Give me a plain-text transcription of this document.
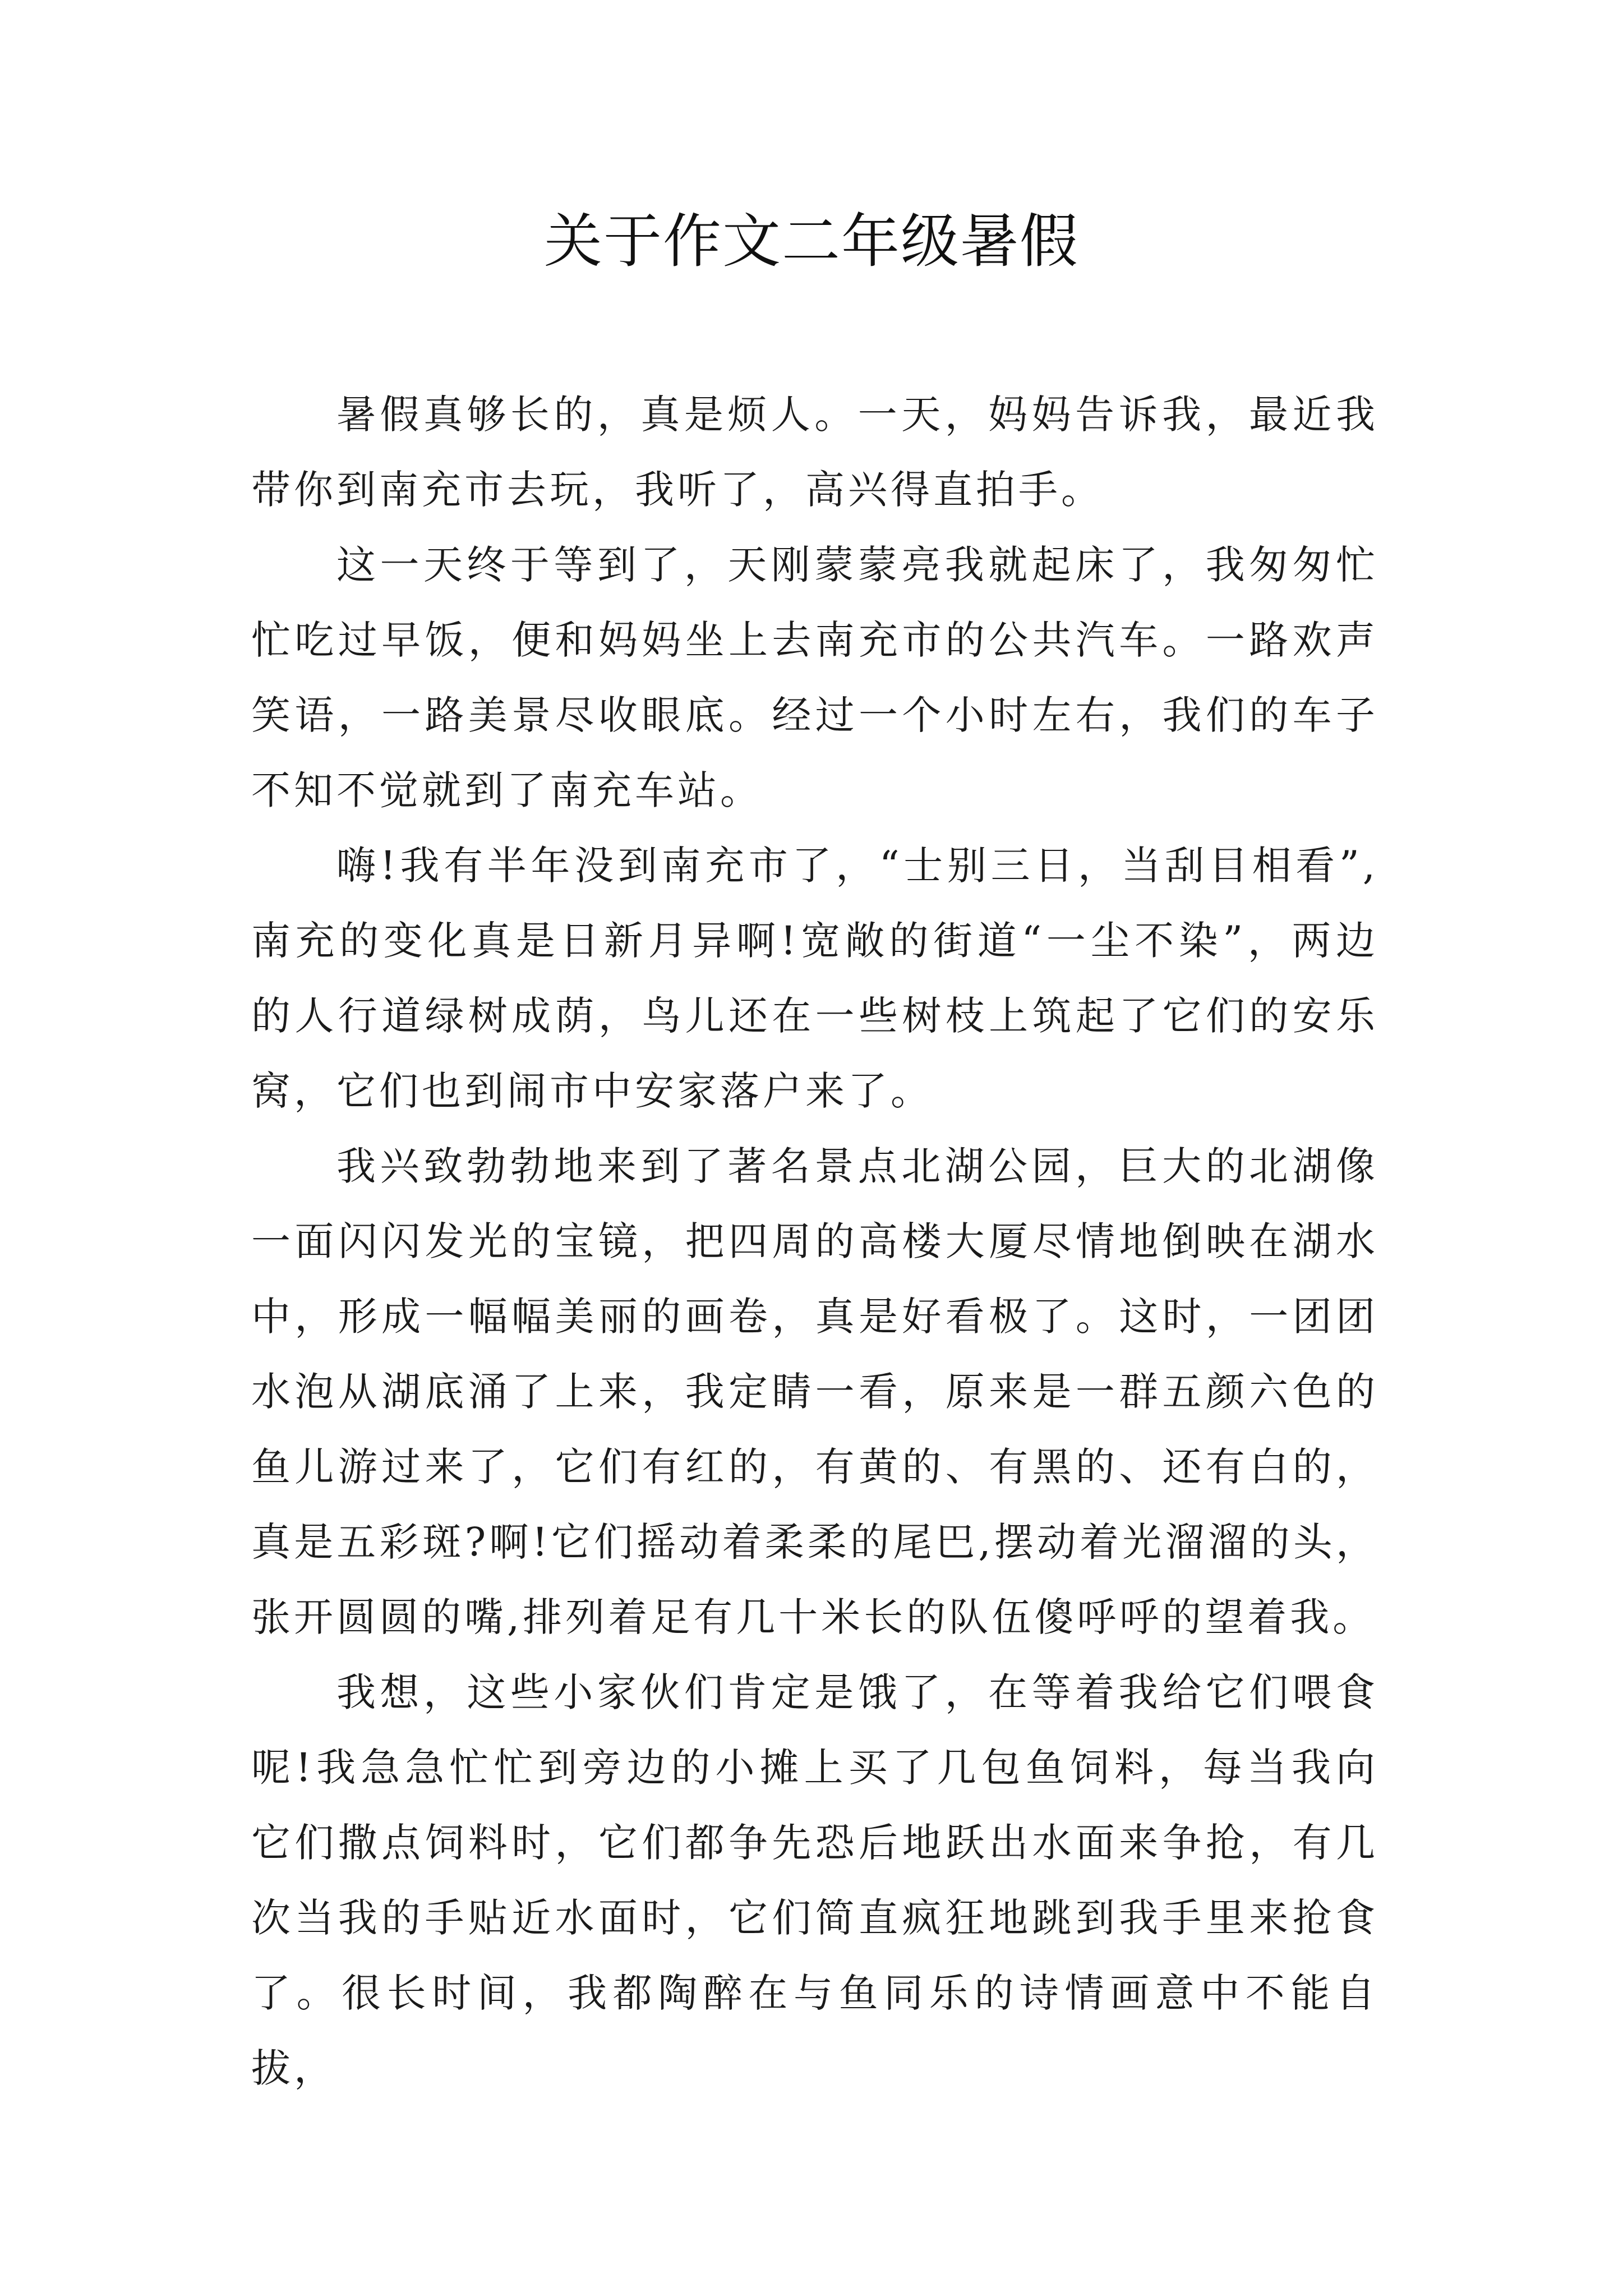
关于作文二年级暑假

暑假真够长的，真是烦人。一天，妈妈告诉我，最近我带你到南充市去玩，我听了，高兴得直拍手。

这一天终于等到了，天刚蒙蒙亮我就起床了，我匆匆忙忙吃过早饭，便和妈妈坐上去南充市的公共汽车。一路欢声笑语，一路美景尽收眼底。经过一个小时左右，我们的车子不知不觉就到了南充车站。

嗨!我有半年没到南充市了，“士别三日，当刮目相看”,南充的变化真是日新月异啊!宽敞的街道“一尘不染”，两边的人行道绿树成荫，鸟儿还在一些树枝上筑起了它们的安乐窝，它们也到闹市中安家落户来了。

我兴致勃勃地来到了著名景点北湖公园，巨大的北湖像一面闪闪发光的宝镜，把四周的高楼大厦尽情地倒映在湖水中，形成一幅幅美丽的画卷，真是好看极了。这时，一团团水泡从湖底涌了上来，我定睛一看，原来是一群五颜六色的鱼儿游过来了，它们有红的，有黄的、有黑的、还有白的，真是五彩斑?啊!它们摇动着柔柔的尾巴,摆动着光溜溜的头，张开圆圆的嘴,排列着足有几十米长的队伍傻呼呼的望着我。

我想，这些小家伙们肯定是饿了，在等着我给它们喂食呢!我急急忙忙到旁边的小摊上买了几包鱼饲料，每当我向它们撒点饲料时，它们都争先恐后地跃出水面来争抢，有几次当我的手贴近水面时，它们简直疯狂地跳到我手里来抢食了。很长时间，我都陶醉在与鱼同乐的诗情画意中不能自拔，
